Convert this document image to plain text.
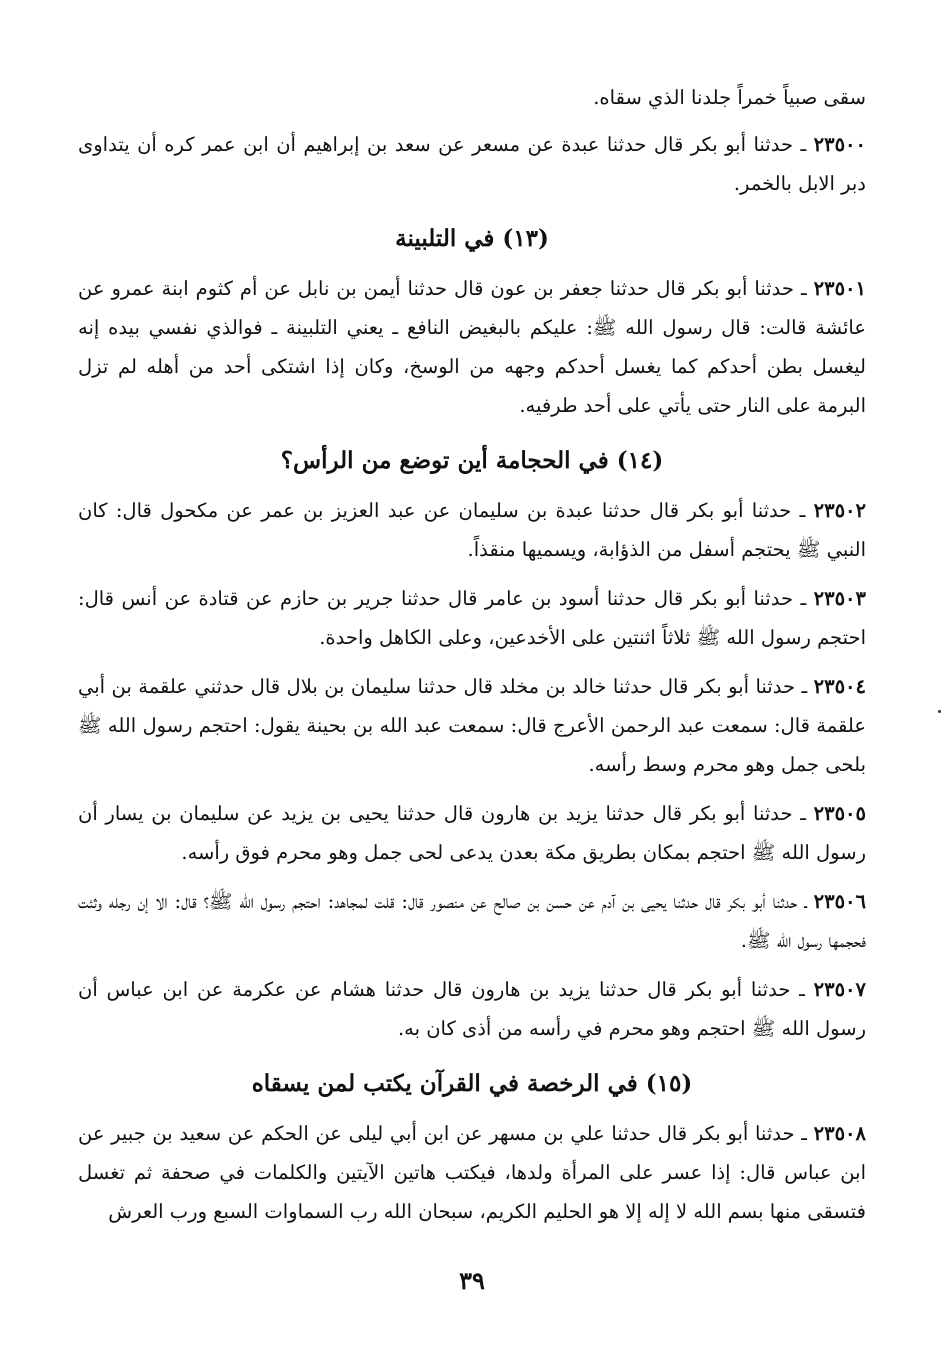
سقى صبياً خمراً جلدنا الذي سقاه.

٢٣٥٠٠ ـ حدثنا أبو بكر قال حدثنا عبدة عن مسعر عن سعد بن إبراهيم أن ابن عمر كره أن يتداوى دبر الابل بالخمر.

(١٣) في التلبينة

٢٣٥٠١ ـ حدثنا أبو بكر قال حدثنا جعفر بن عون قال حدثنا أيمن بن نابل عن أم كثوم ابنة عمرو عن عائشة قالت: قال رسول الله ﷺ: عليكم بالبغيض النافع ـ يعني التلبينة ـ فوالذي نفسي بيده إنه ليغسل بطن أحدكم كما يغسل أحدكم وجهه من الوسخ، وكان إذا اشتكى أحد من أهله لم تزل البرمة على النار حتى يأتي على أحد طرفيه.

(١٤) في الحجامة أين توضع من الرأس؟

٢٣٥٠٢ ـ حدثنا أبو بكر قال حدثنا عبدة بن سليمان عن عبد العزيز بن عمر عن مكحول قال: كان النبي ﷺ يحتجم أسفل من الذؤابة، ويسميها منقذاً.

٢٣٥٠٣ ـ حدثنا أبو بكر قال حدثنا أسود بن عامر قال حدثنا جرير بن حازم عن قتادة عن أنس قال: احتجم رسول الله ﷺ ثلاثاً اثنتين على الأخدعين، وعلى الكاهل واحدة.

٢٣٥٠٤ ـ حدثنا أبو بكر قال حدثنا خالد بن مخلد قال حدثنا سليمان بن بلال قال حدثني علقمة بن أبي علقمة قال: سمعت عبد الرحمن الأعرج قال: سمعت عبد الله بن بحينة يقول: احتجم رسول الله ﷺ بلحى جمل وهو محرم وسط رأسه.

٢٣٥٠٥ ـ حدثنا أبو بكر قال حدثنا يزيد بن هارون قال حدثنا يحيى بن يزيد عن سليمان بن يسار أن رسول الله ﷺ احتجم بمكان بطريق مكة بعدن يدعى لحى جمل وهو محرم فوق رأسه.

٢٣٥٠٦ ـ حدثنا أبو بكر قال حدثنا يحيى بن آدم عن حسن بن صالح عن منصور قال: قلت لمجاهد: احتجم رسول الله ﷺ؟ قال: الا إن رجله وثئت فحجمها رسول الله ﷺ.

٢٣٥٠٧ ـ حدثنا أبو بكر قال حدثنا يزيد بن هارون قال حدثنا هشام عن عكرمة عن ابن عباس أن رسول الله ﷺ احتجم وهو محرم في رأسه من أذى كان به.

(١٥) في الرخصة في القرآن يكتب لمن يسقاه

٢٣٥٠٨ ـ حدثنا أبو بكر قال حدثنا علي بن مسهر عن ابن أبي ليلى عن الحكم عن سعيد بن جبير عن ابن عباس قال: إذا عسر على المرأة ولدها، فيكتب هاتين الآيتين والكلمات في صحفة ثم تغسل فتسقى منها بسم الله لا إله إلا هو الحليم الكريم، سبحان الله رب السماوات السبع ورب العرش

٣٩
